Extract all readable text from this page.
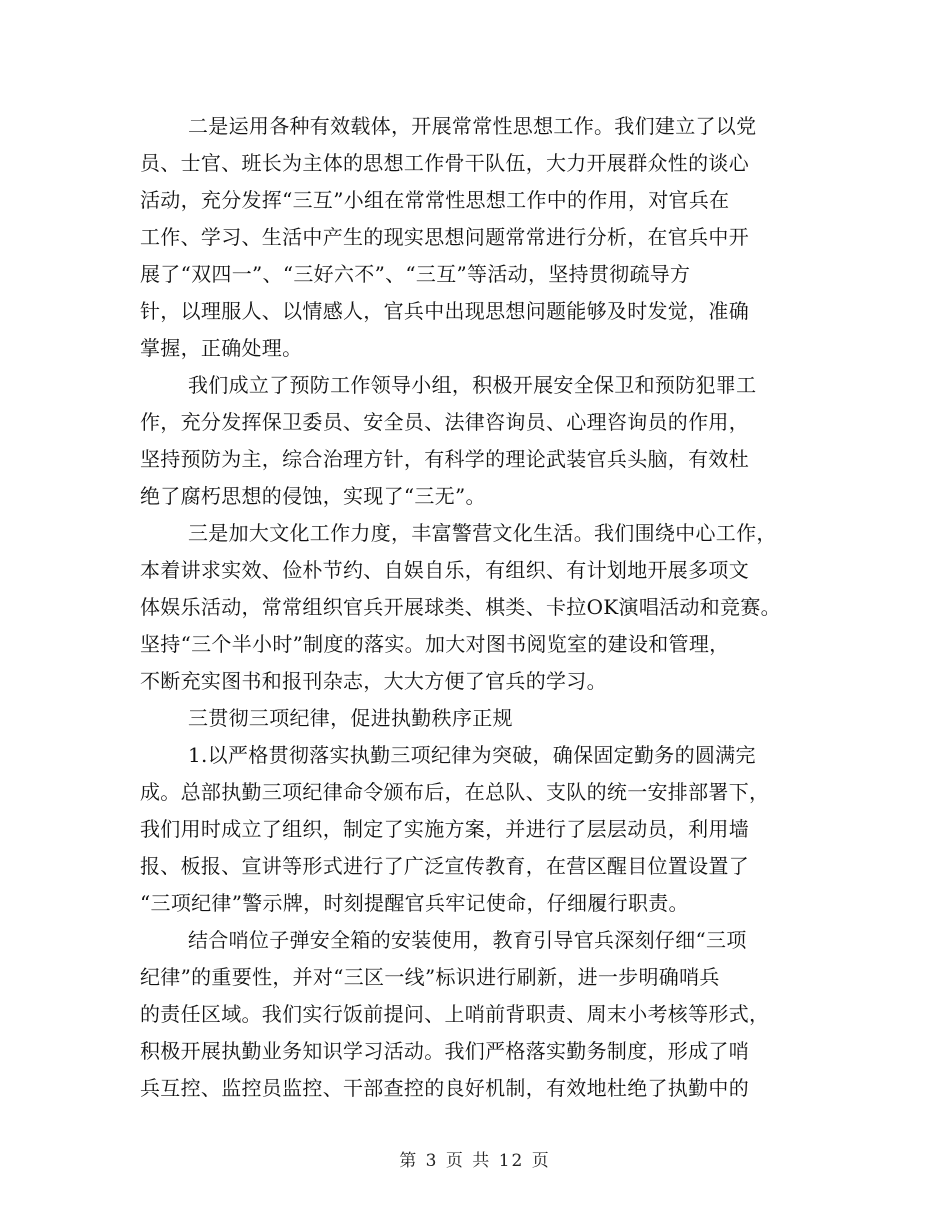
二是运用各种有效载体，开展常常性思想工作。我们建立了以党
员、士官、班长为主体的思想工作骨干队伍，大力开展群众性的谈心
活动，充分发挥“三互”小组在常常性思想工作中的作用，对官兵在
工作、学习、生活中产生的现实思想问题常常进行分析，在官兵中开
展了“双四一”、“三好六不”、“三互”等活动，坚持贯彻疏导方
针，以理服人、以情感人，官兵中出现思想问题能够及时发觉，准确
掌握，正确处理。
我们成立了预防工作领导小组，积极开展安全保卫和预防犯罪工
作，充分发挥保卫委员、安全员、法律咨询员、心理咨询员的作用，
坚持预防为主，综合治理方针，有科学的理论武装官兵头脑，有效杜
绝了腐朽思想的侵蚀，实现了“三无”。
三是加大文化工作力度，丰富警营文化生活。我们围绕中心工作，
本着讲求实效、俭朴节约、自娱自乐，有组织、有计划地开展多项文
体娱乐活动，常常组织官兵开展球类、棋类、卡拉OK演唱活动和竞赛。
坚持“三个半小时”制度的落实。加大对图书阅览室的建设和管理，
不断充实图书和报刊杂志，大大方便了官兵的学习。
三贯彻三项纪律，促进执勤秩序正规
1.以严格贯彻落实执勤三项纪律为突破，确保固定勤务的圆满完
成。总部执勤三项纪律命令颁布后，在总队、支队的统一安排部署下，
我们用时成立了组织，制定了实施方案，并进行了层层动员，利用墙
报、板报、宣讲等形式进行了广泛宣传教育，在营区醒目位置设置了
“三项纪律”警示牌，时刻提醒官兵牢记使命，仔细履行职责。
结合哨位子弹安全箱的安装使用，教育引导官兵深刻仔细“三项
纪律”的重要性，并对“三区一线”标识进行刷新，进一步明确哨兵
的责任区域。我们实行饭前提问、上哨前背职责、周末小考核等形式，
积极开展执勤业务知识学习活动。我们严格落实勤务制度，形成了哨
兵互控、监控员监控、干部查控的良好机制，有效地杜绝了执勤中的
第 3 页 共 12 页
